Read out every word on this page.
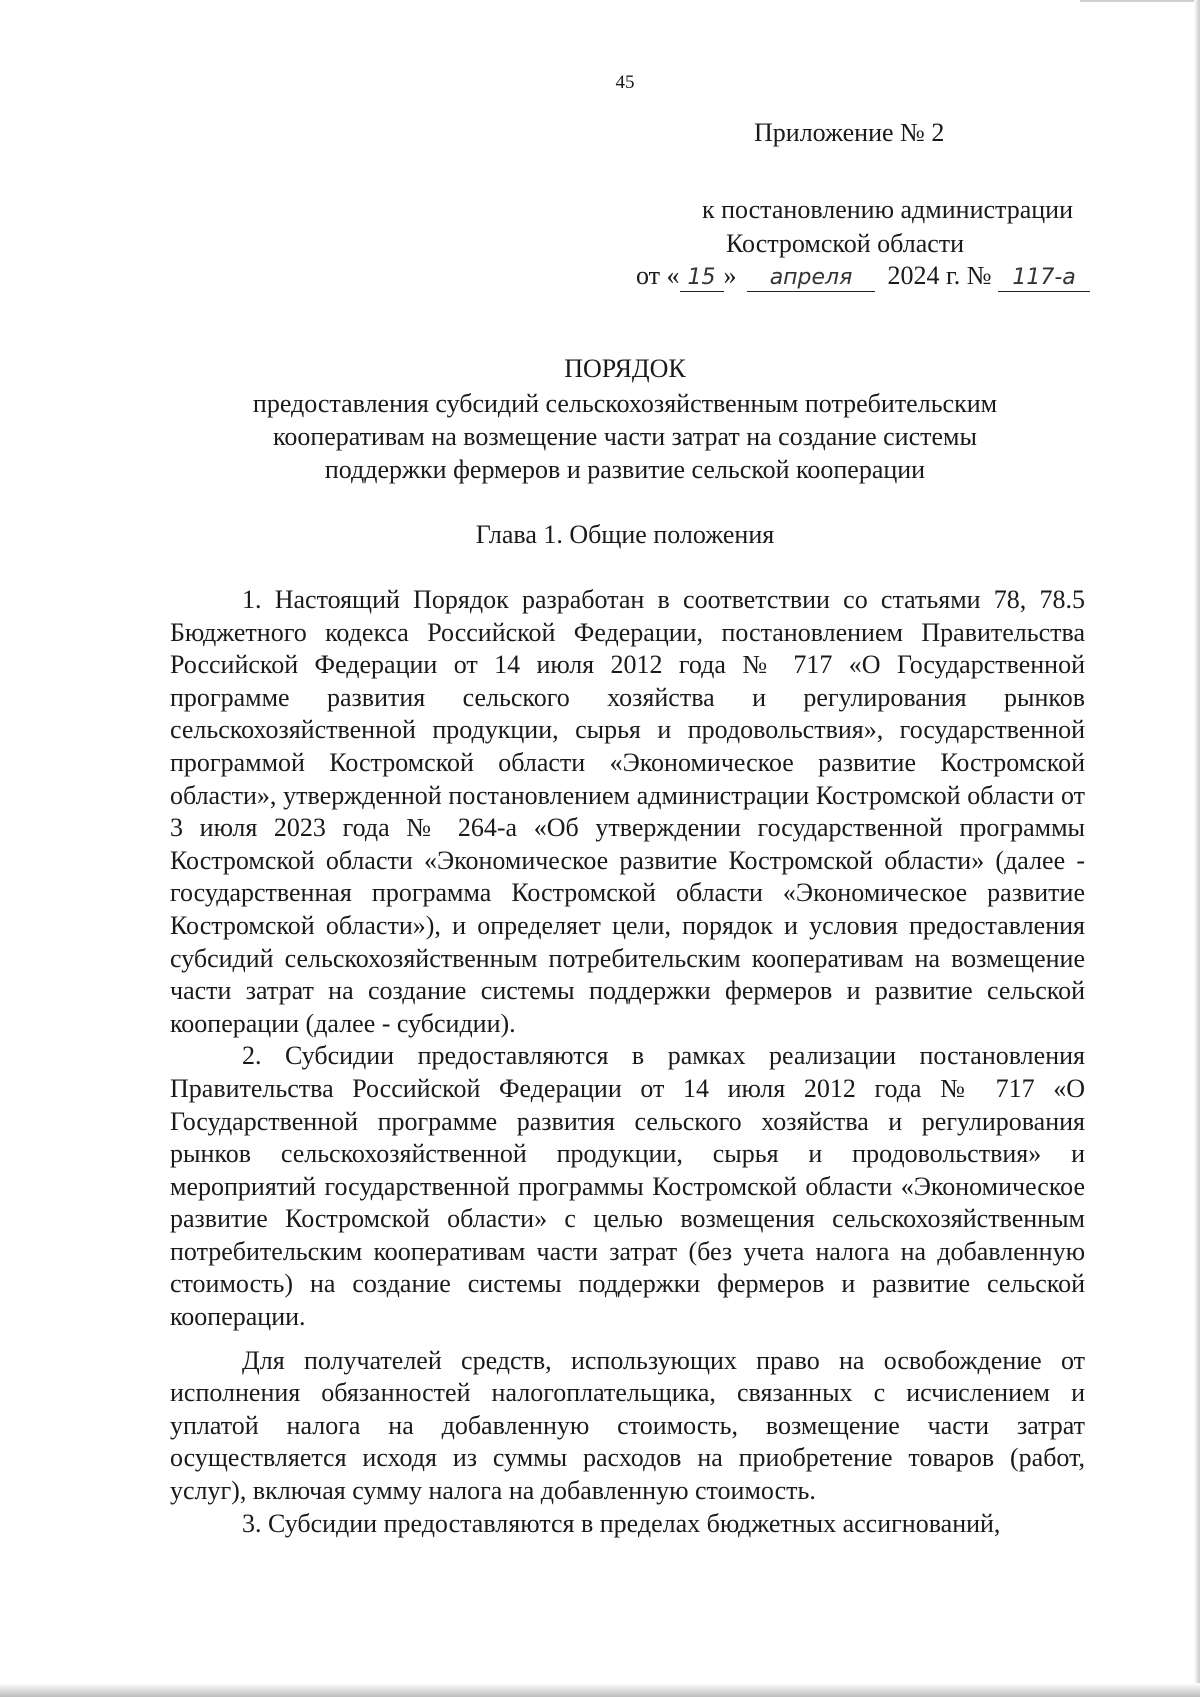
45
Приложение № 2
к постановлению администрации
Костромской области
от « 15 » апреля 2024 г. № 117-а
ПОРЯДОК
предоставления субсидий сельскохозяйственным потребительским
кооперативам на возмещение части затрат на создание системы
поддержки фермеров и развитие сельской кооперации
Глава 1. Общие положения

1. Настоящий Порядок разработан в соответствии со статьями 78, 78.5 Бюджетного кодекса Российской Федерации, постановлением Правительства Российской Федерации от 14 июля 2012 года № 717 «О Государственной программе развития сельского хозяйства и регулирования рынков сельскохозяйственной продукции, сырья и продовольствия», государственной программой Костромской области «Экономическое развитие Костромской области», утвержденной постановлением администрации Костромской области от 3 июля 2023 года № 264-а «Об утверждении государственной программы Костромской области «Экономическое развитие Костромской области» (далее - государственная программа Костромской области «Экономическое развитие Костромской области»), и определяет цели, порядок и условия предоставления субсидий сельскохозяйственным потребительским кооперативам на возмещение части затрат на создание системы поддержки фермеров и развитие сельской кооперации (далее - субсидии).

2. Субсидии предоставляются в рамках реализации постановления Правительства Российской Федерации от 14 июля 2012 года № 717 «О Государственной программе развития сельского хозяйства и регулирования рынков сельскохозяйственной продукции, сырья и продовольствия» и мероприятий государственной программы Костромской области «Экономическое развитие Костромской области» с целью возмещения сельскохозяйственным потребительским кооперативам части затрат (без учета налога на добавленную стоимость) на создание системы поддержки фермеров и развитие сельской кооперации.

Для получателей средств, использующих право на освобождение от исполнения обязанностей налогоплательщика, связанных с исчислением и уплатой налога на добавленную стоимость, возмещение части затрат осуществляется исходя из суммы расходов на приобретение товаров (работ, услуг), включая сумму налога на добавленную стоимость.

3. Субсидии предоставляются в пределах бюджетных ассигнований,
